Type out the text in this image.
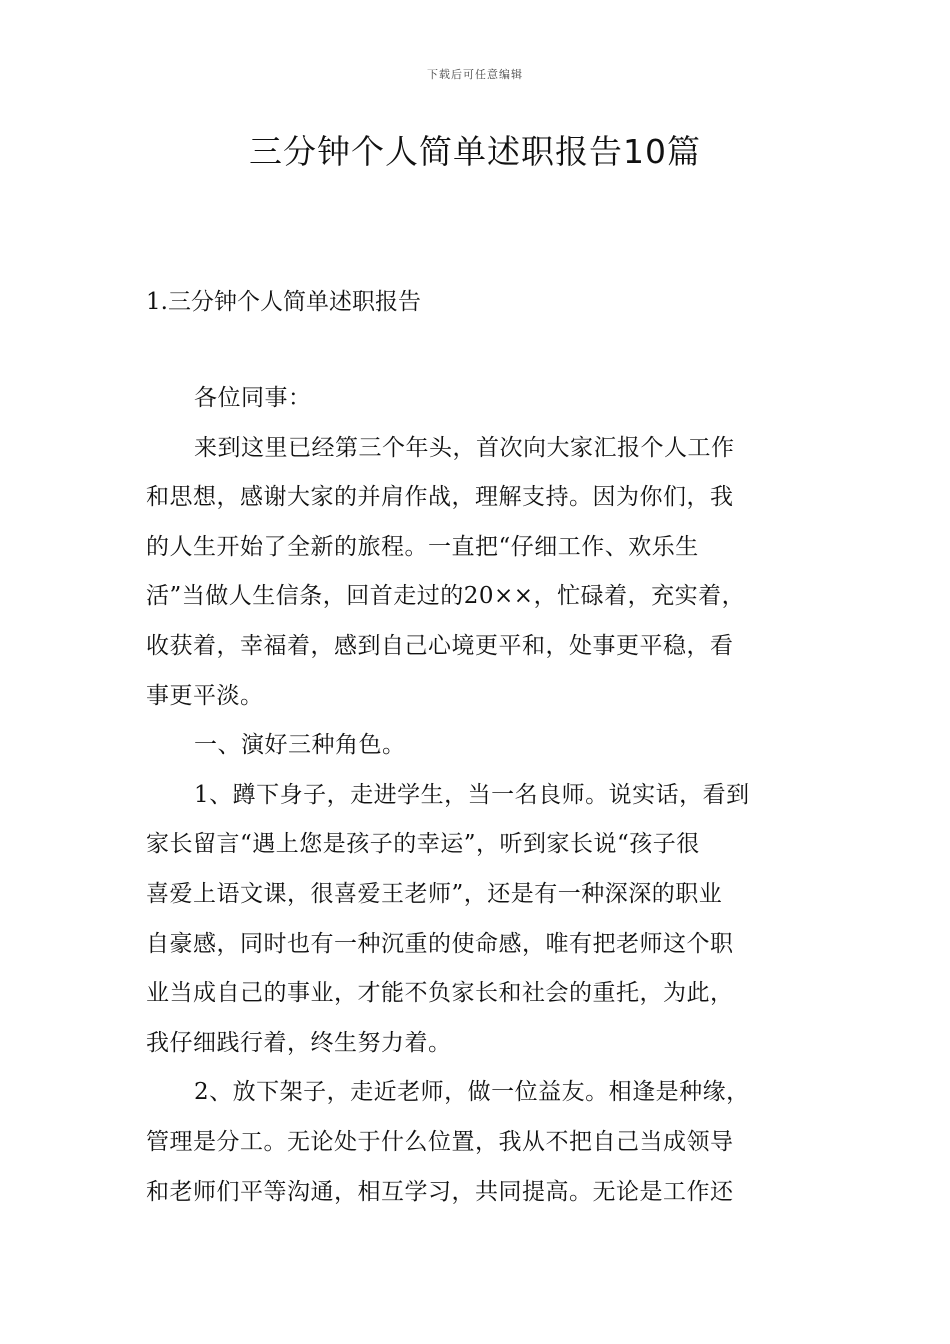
下载后可任意编辑
三分钟个人简单述职报告10篇
1.三分钟个人简单述职报告
各位同事：
来到这里已经第三个年头，首次向大家汇报个人工作
和思想，感谢大家的并肩作战，理解支持。因为你们，我
的人生开始了全新的旅程。一直把“仔细工作、欢乐生
活”当做人生信条，回首走过的20××，忙碌着，充实着，
收获着，幸福着，感到自己心境更平和，处事更平稳，看
事更平淡。
一、演好三种角色。
1、蹲下身子，走进学生，当一名良师。说实话，看到
家长留言“遇上您是孩子的幸运”，听到家长说“孩子很
喜爱上语文课，很喜爱王老师”，还是有一种深深的职业
自豪感，同时也有一种沉重的使命感，唯有把老师这个职
业当成自己的事业，才能不负家长和社会的重托，为此，
我仔细践行着，终生努力着。
2、放下架子，走近老师，做一位益友。相逢是种缘，
管理是分工。无论处于什么位置，我从不把自己当成领导
和老师们平等沟通，相互学习，共同提高。无论是工作还
